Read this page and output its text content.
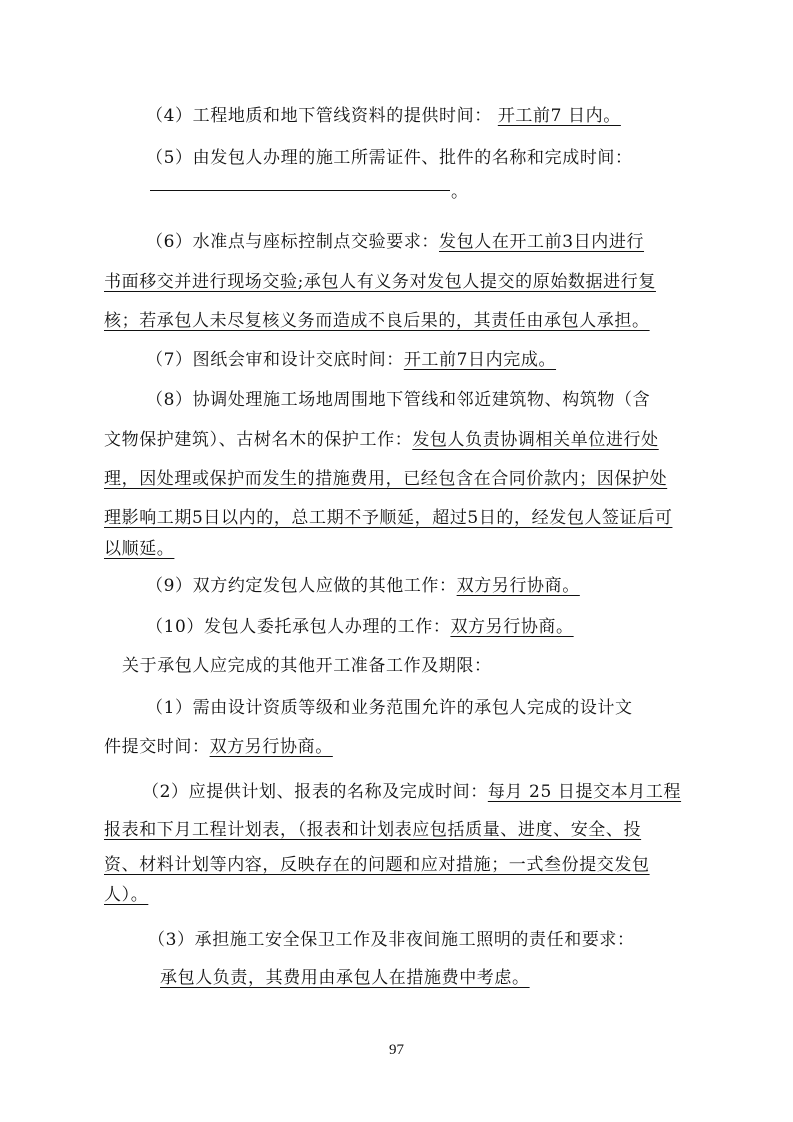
（4）工程地质和地下管线资料的提供时间： 开工前7 日内。
（5）由发包人办理的施工所需证件、批件的名称和完成时间：
。
（6）水准点与座标控制点交验要求：发包人在开工前3日内进行
书面移交并进行现场交验;承包人有义务对发包人提交的原始数据进行复
核；若承包人未尽复核义务而造成不良后果的，其责任由承包人承担。
（7）图纸会审和设计交底时间：开工前7日内完成。
（8）协调处理施工场地周围地下管线和邻近建筑物、构筑物（含
文物保护建筑）、古树名木的保护工作：发包人负责协调相关单位进行处
理，因处理或保护而发生的措施费用，已经包含在合同价款内；因保护处
理影响工期5日以内的，总工期不予顺延，超过5日的，经发包人签证后可
以顺延。
（9）双方约定发包人应做的其他工作：双方另行协商。
（10）发包人委托承包人办理的工作：双方另行协商。
关于承包人应完成的其他开工准备工作及期限：
（1）需由设计资质等级和业务范围允许的承包人完成的设计文
件提交时间：双方另行协商。
（2）应提供计划、报表的名称及完成时间：每月 25 日提交本月工程
报表和下月工程计划表，（报表和计划表应包括质量、进度、安全、投
资、材料计划等内容，反映存在的问题和应对措施；一式叁份提交发包
人）。
（3）承担施工安全保卫工作及非夜间施工照明的责任和要求：
承包人负责，其费用由承包人在措施费中考虑。
97
